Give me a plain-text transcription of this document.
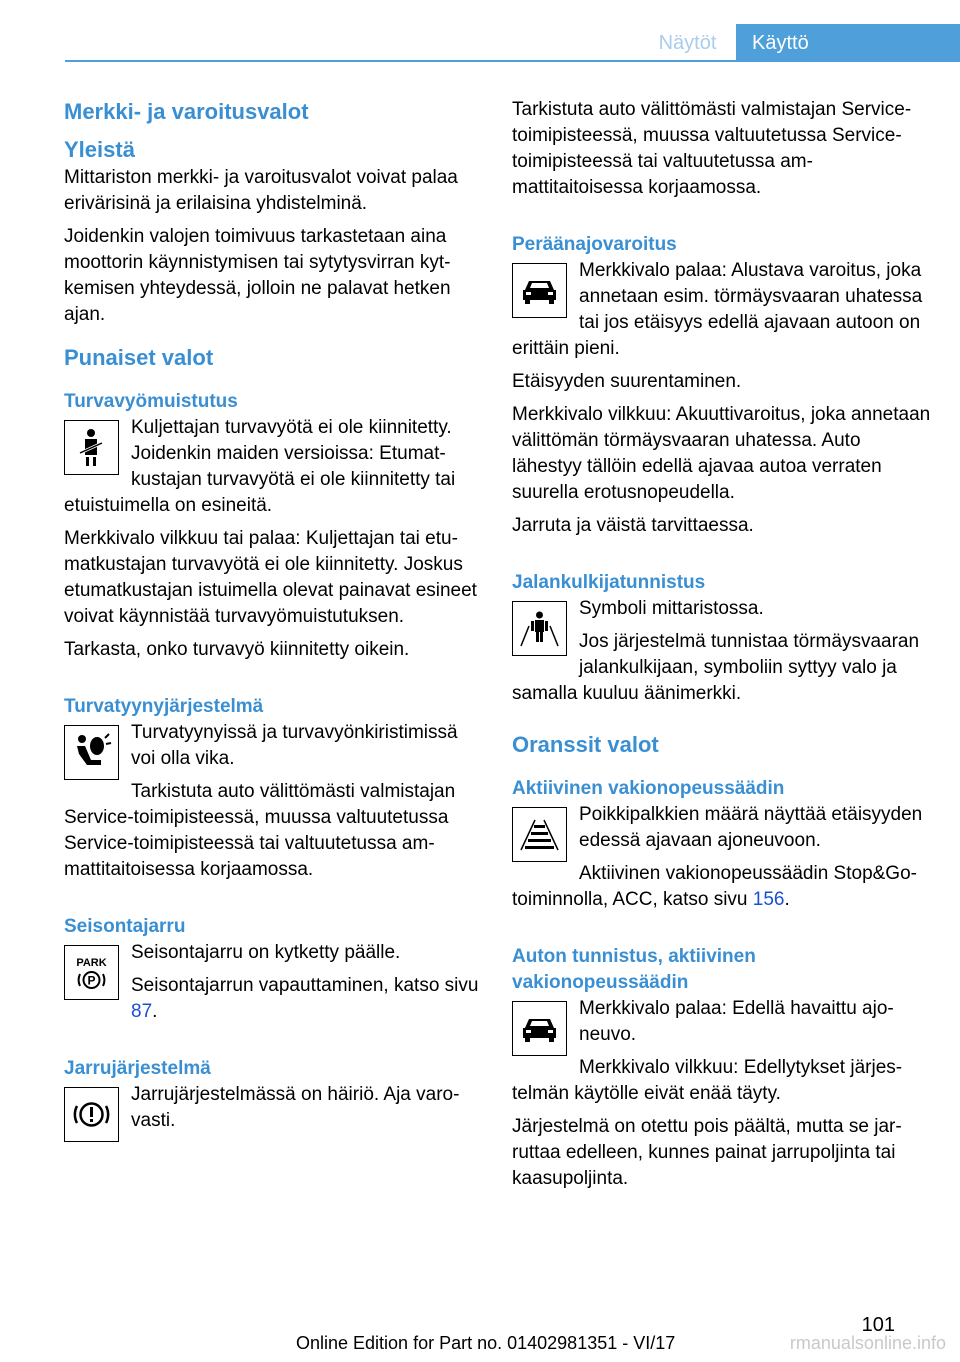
Näytöt	Käyttö
Merkki- ja varoitusvalot
Yleistä

Mittariston merkki- ja varoitusvalot voivat palaa erivärisinä ja erilaisina yhdistelminä.

Joidenkin valojen toimivuus tarkastetaan aina moottorin käynnistymisen tai sytytysvirran kytkemisen yhteydessä, jolloin ne palavat hetken ajan.

Punaiset valot
Turvavyömuistutus

Kuljettajan turvavyötä ei ole kiinnitetty. Joidenkin maiden versioissa: Etumatkustajan turvavyötä ei ole kiinnitetty tai etuistuimella on esineitä.

Merkkivalo vilkkuu tai palaa: Kuljettajan tai etumatkustajan turvavyötä ei ole kiinnitetty. Joskus etumatkustajan istuimella olevat painavat esineet voivat käynnistää turvavyömuistutuksen.

Tarkasta, onko turvavyö kiinnitetty oikein.

Turvatyynyjärjestelmä

Turvatyynyissä ja turvavyönkiristimissä voi olla vika.

Tarkistuta auto välittömästi valmistajan Service-toimipisteessä, muussa valtuutetussa Service-toimipisteessä tai valtuutetussa ammattitaitoisessa korjaamossa.

Seisontajarru
PARK
P

Seisontajarru on kytketty päälle.

Seisontajarrun vapauttaminen, katso sivu 87.

Jarrujärjestelmä

Jarrujärjestelmässä on häiriö. Aja varovasti.

Tarkistuta auto välittömästi valmistajan Service-toimipisteessä, muussa valtuutetussa Service-toimipisteessä tai valtuutetussa ammattitaitoisessa korjaamossa.

Peräänajovaroitus

Merkkivalo palaa: Alustava varoitus, joka annetaan esim. törmäysvaaran uhatessa tai jos etäisyys edellä ajavaan autoon on erittäin pieni.

Etäisyyden suurentaminen.

Merkkivalo vilkkuu: Akuuttivaroitus, joka annetaan välittömän törmäysvaaran uhatessa. Auto lähestyy tällöin edellä ajavaa autoa verraten suurella erotusnopeudella.

Jarruta ja väistä tarvittaessa.

Jalankulkijatunnistus

Symboli mittaristossa.

Jos järjestelmä tunnistaa törmäysvaaran jalankulkijaan, symboliin syttyy valo ja samalla kuuluu äänimerkki.

Oranssit valot
Aktiivinen vakionopeussäädin

Poikkipalkkien määrä näyttää etäisyyden edessä ajavaan ajoneuvoon.

Aktiivinen vakionopeussäädin Stop&Go-toiminnolla, ACC, katso sivu 156.

Auton tunnistus, aktiivinen vakionopeussäädin

Merkkivalo palaa: Edellä havaittu ajoneuvo.

Merkkivalo vilkkuu: Edellytykset järjestelmän käytölle eivät enää täyty.

Järjestelmä on otettu pois päältä, mutta se jarruttaa edelleen, kunnes painat jarrupoljinta tai kaasupoljinta.

101
Online Edition for Part no. 01402981351 - VI/17	rmanualsonline.info
